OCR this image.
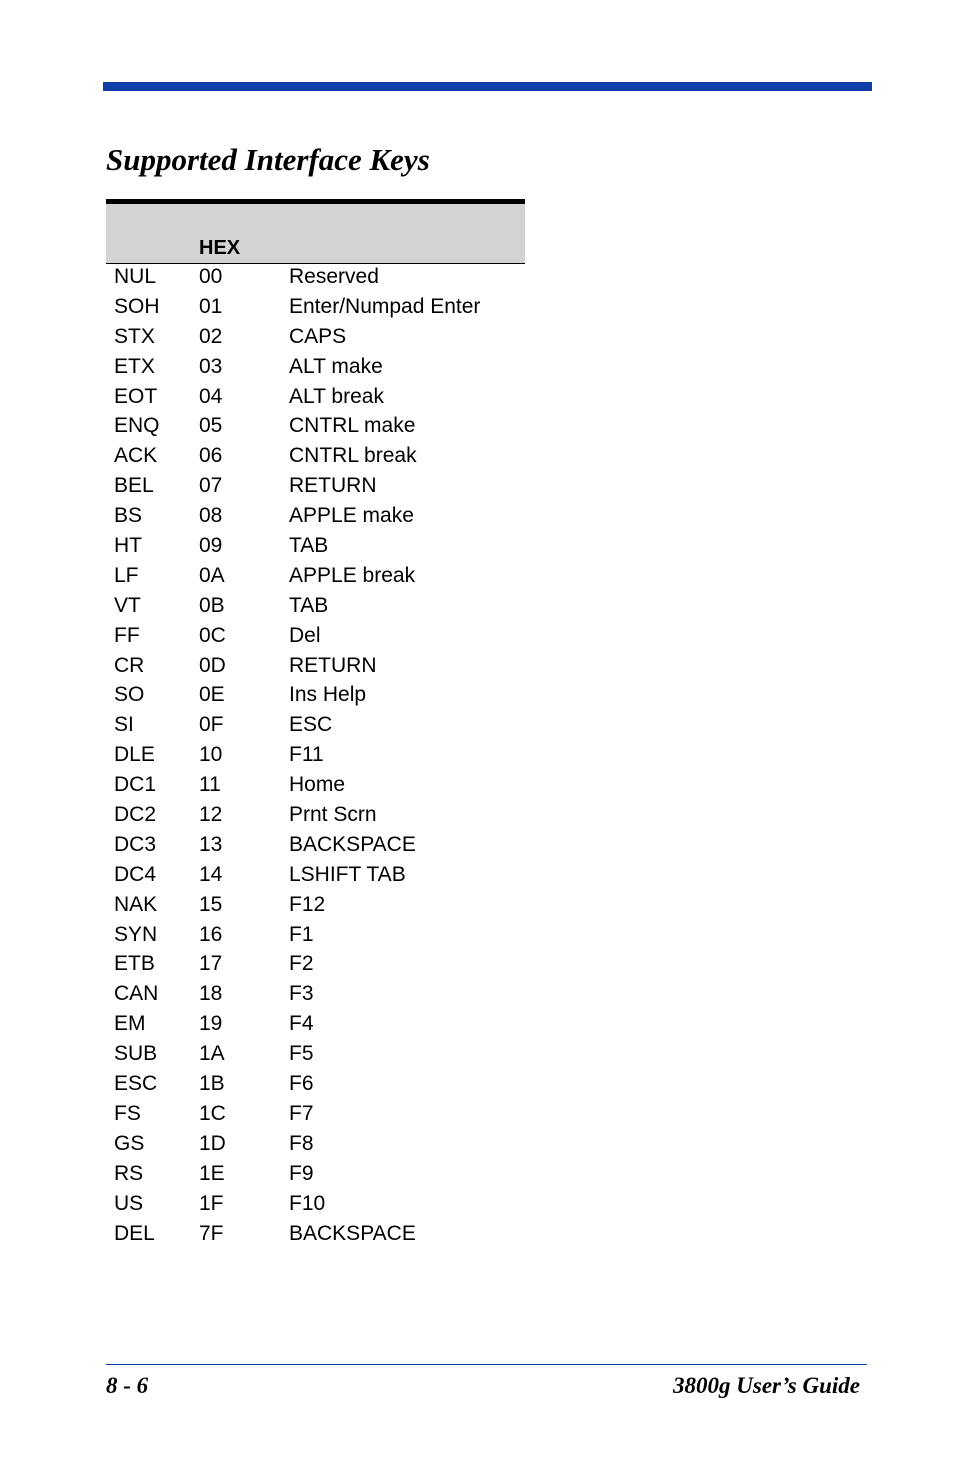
Supported Interface Keys
HEX
NUL 00	Reserved
SOH 01	Enter/Numpad Enter
STX 02	CAPS
ETX 03	ALT make
EOT 04	ALT break
ENQ 05	CNTRL make
ACK 06	CNTRL break
BEL 07	RETURN
BS	08	APPLE make
HT	09	TAB
LF	0A	APPLE break
VT	0B	TAB
FF	0C	Del
CR	0D	RETURN
SO	0E	Ins Help
SI	0F	ESC
DLE 10	F11
DC1 11	Home
DC2 12	Prnt Scrn
DC3 13	BACKSPACE
DC4 14	LSHIFT TAB
NAK 15	F12
SYN 16	F1
ETB 17	F2
CAN 18	F3
EM	19	F4
SUB 1A	F5
ESC 1B	F6
FS	1C	F7
GS	1D	F8
RS	1E	F9
US	1F	F10
DEL 7F	BACKSPACE
8 - 6	3800g User’s Guide
